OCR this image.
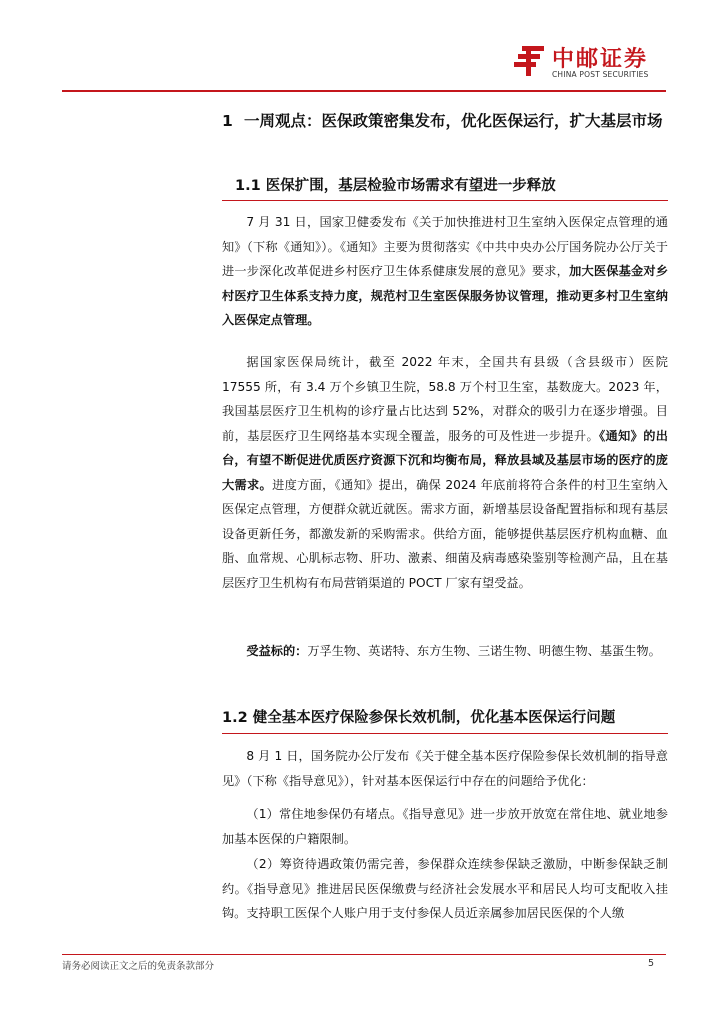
中邮证券
CHINA POST SECURITIES
1 一周观点：医保政策密集发布，优化医保运行，扩大基层市场
1.1 医保扩围，基层检验市场需求有望进一步释放

7 月 31 日，国家卫健委发布《关于加快推进村卫生室纳入医保定点管理的通知》（下称《通知》）。《通知》主要为贯彻落实《中共中央办公厅国务院办公厅关于进一步深化改革促进乡村医疗卫生体系健康发展的意见》要求，加大医保基金对乡村医疗卫生体系支持力度，规范村卫生室医保服务协议管理，推动更多村卫生室纳入医保定点管理。

据国家医保局统计，截至 2022 年末，全国共有县级（含县级市）医院 17555 所，有 3.4 万个乡镇卫生院，58.8 万个村卫生室，基数庞大。2023 年，我国基层医疗卫生机构的诊疗量占比达到 52%，对群众的吸引力在逐步增强。目前，基层医疗卫生网络基本实现全覆盖，服务的可及性进一步提升。《通知》的出台，有望不断促进优质医疗资源下沉和均衡布局，释放县域及基层市场的医疗的庞大需求。进度方面，《通知》提出，确保 2024 年底前将符合条件的村卫生室纳入医保定点管理，方便群众就近就医。需求方面，新增基层设备配置指标和现有基层设备更新任务，都激发新的采购需求。供给方面，能够提供基层医疗机构血糖、血脂、血常规、心肌标志物、肝功、激素、细菌及病毒感染鉴别等检测产品，且在基层医疗卫生机构有布局营销渠道的 POCT 厂家有望受益。

受益标的：万孚生物、英诺特、东方生物、三诺生物、明德生物、基蛋生物。

1.2 健全基本医疗保险参保长效机制，优化基本医保运行问题

8 月 1 日，国务院办公厅发布《关于健全基本医疗保险参保长效机制的指导意见》（下称《指导意见》），针对基本医保运行中存在的问题给予优化：

（1）常住地参保仍有堵点。《指导意见》进一步放开放宽在常住地、就业地参加基本医保的户籍限制。

（2）筹资待遇政策仍需完善，参保群众连续参保缺乏激励，中断参保缺乏制约。《指导意见》推进居民医保缴费与经济社会发展水平和居民人均可支配收入挂钩。支持职工医保个人账户用于支付参保人员近亲属参加居民医保的个人缴

请务必阅读正文之后的免责条款部分	5
